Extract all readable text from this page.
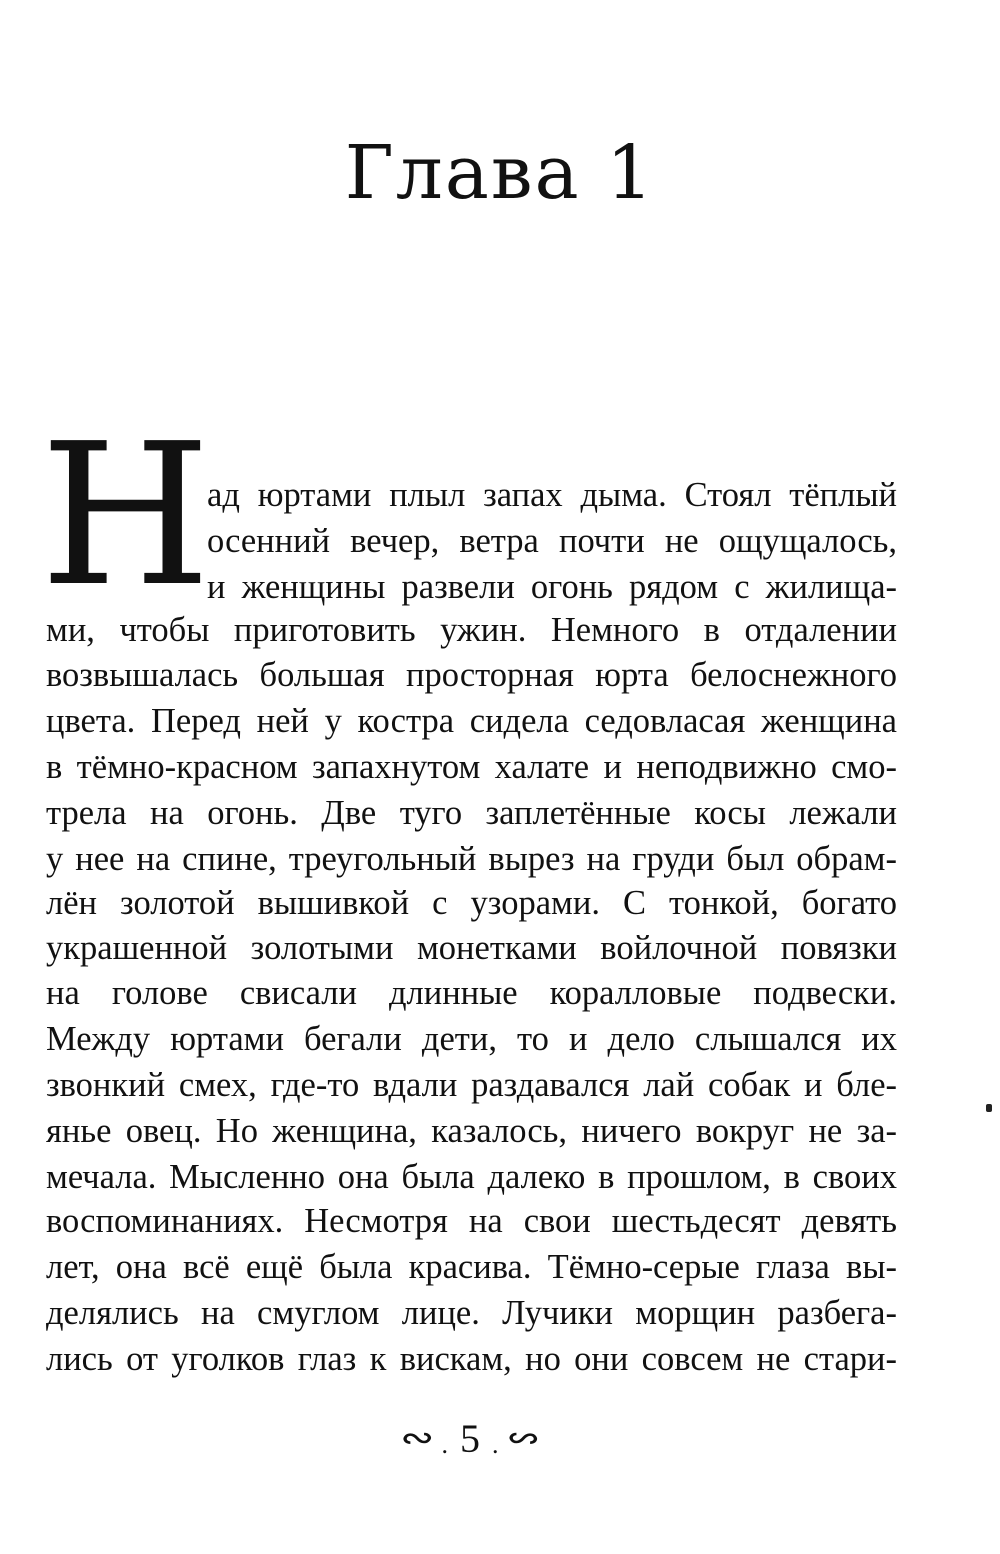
Глава 1
Н
ад юртами плыл запах дыма. Стоял тёплый
осенний вечер, ветра почти не ощущалось,
и женщины развели огонь рядом с жилища-
ми, чтобы приготовить ужин. Немного в отдалении
возвышалась большая просторная юрта белоснежного
цвета. Перед ней у костра сидела седовласая женщина
в тёмно-красном запахнутом халате и неподвижно смо-
трела на огонь. Две туго заплетённые косы лежали
у нее на спине, треугольный вырез на груди был обрам-
лён золотой вышивкой с узорами. С тонкой, богато
украшенной золотыми монетками войлочной повязки
на голове свисали длинные коралловые подвески.
Между юртами бегали дети, то и дело слышался их
звонкий смех, где-то вдали раздавался лай собак и бле-
янье овец. Но женщина, казалось, ничего вокруг не за-
мечала. Мысленно она была далеко в прошлом, в своих
воспоминаниях. Несмотря на свои шестьдесят девять
лет, она всё ещё была красива. Тёмно-серые глаза вы-
делялись на смуглом лице. Лучики морщин разбега-
лись от уголков глаз к вискам, но они совсем не стари-
∾ . 5 . ∾
